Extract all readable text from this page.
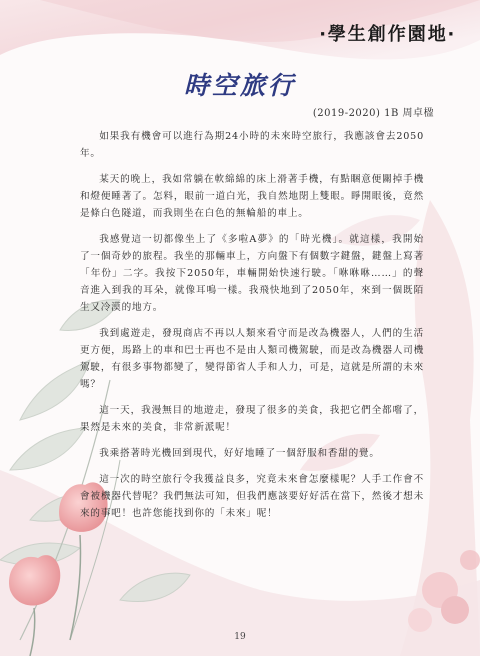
‧學生創作園地‧
時空旅行
(2019-2020) 1B 周卓楹

如果我有機會可以進行為期24小時的未來時空旅行，我應該會去2050年。

某天的晚上，我如常躺在軟綿綿的床上滑著手機，有點睏意便關掉手機和燈便睡著了。怎料，眼前一道白光，我自然地閉上雙眼。睜開眼後，竟然是條白色隧道，而我則坐在白色的無輪船的車上。

我感覺這一切都像坐上了《多啦A夢》的「時光機」。就這樣，我開始了一個奇妙的旅程。我坐的那輛車上，方向盤下有個數字鍵盤，鍵盤上寫著「年份」二字。我按下2050年，車輛開始快速行駛。「咻咻咻……」的聲音進入到我的耳朵，就像耳鳴一樣。我飛快地到了2050年，來到一個既陌生又冷漠的地方。

我到處遊走，發現商店不再以人類來看守而是改為機器人，人們的生活更方便，馬路上的車和巴士再也不是由人類司機駕駛，而是改為機器人司機駕駛，有很多事物都變了，變得節省人手和人力，可是，這就是所謂的未來嗎？

這一天，我漫無目的地遊走，發現了很多的美食，我把它們全都嚐了，果然是未來的美食，非常新派呢！

我乘搭著時光機回到現代，好好地睡了一個舒服和香甜的覺。

這一次的時空旅行令我獲益良多，究竟未來會怎麼樣呢？人手工作會不會被機器代替呢？我們無法可知，但我們應該要好好活在當下，然後才想未來的事吧！也許您能找到你的「未來」呢！

19
